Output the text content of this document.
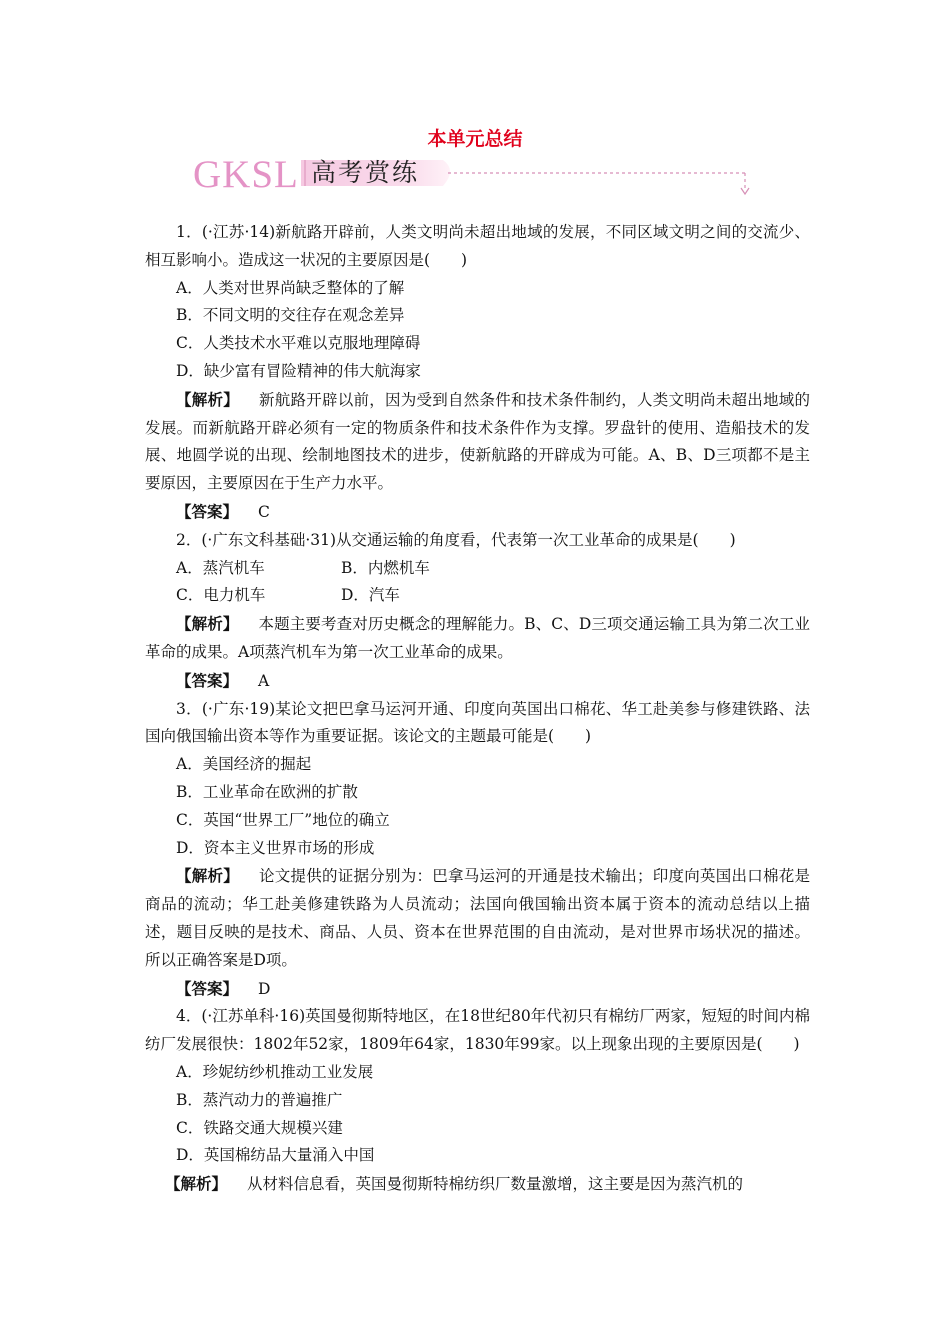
本单元总结
GKSL 高考赏练

1．(·江苏·14)新航路开辟前，人类文明尚未超出地域的发展，不同区域文明之间的交流少、相互影响小。造成这一状况的主要原因是(　　)

A．人类对世界尚缺乏整体的了解

B．不同文明的交往存在观念差异

C．人类技术水平难以克服地理障碍

D．缺少富有冒险精神的伟大航海家

【解析】 新航路开辟以前，因为受到自然条件和技术条件制约，人类文明尚未超出地域的发展。而新航路开辟必须有一定的物质条件和技术条件作为支撑。罗盘针的使用、造船技术的发展、地圆学说的出现、绘制地图技术的进步，使新航路的开辟成为可能。A、B、D三项都不是主要原因，主要原因在于生产力水平。

【答案】 C

2．(·广东文科基础·31)从交通运输的角度看，代表第一次工业革命的成果是(　　)

A．蒸汽机车	B．内燃机车
C．电力机车	D．汽车

【解析】 本题主要考查对历史概念的理解能力。B、C、D三项交通运输工具为第二次工业革命的成果。A项蒸汽机车为第一次工业革命的成果。

【答案】 A

3．(·广东·19)某论文把巴拿马运河开通、印度向英国出口棉花、华工赴美参与修建铁路、法国向俄国输出资本等作为重要证据。该论文的主题最可能是(　　)

A．美国经济的掘起

B．工业革命在欧洲的扩散

C．英国“世界工厂”地位的确立

D．资本主义世界市场的形成

【解析】 论文提供的证据分别为：巴拿马运河的开通是技术输出；印度向英国出口棉花是商品的流动；华工赴美修建铁路为人员流动；法国向俄国输出资本属于资本的流动总结以上描述，题目反映的是技术、商品、人员、资本在世界范围的自由流动，是对世界市场状况的描述。所以正确答案是D项。

【答案】 D

4．(·江苏单科·16)英国曼彻斯特地区，在18世纪80年代初只有棉纺厂两家，短短的时间内棉纺厂发展很快：1802年52家，1809年64家，1830年99家。以上现象出现的主要原因是(　　)

A．珍妮纺纱机推动工业发展

B．蒸汽动力的普遍推广

C．铁路交通大规模兴建

D．英国棉纺品大量涌入中国

【解析】 从材料信息看，英国曼彻斯特棉纺织厂数量激增，这主要是因为蒸汽机的
